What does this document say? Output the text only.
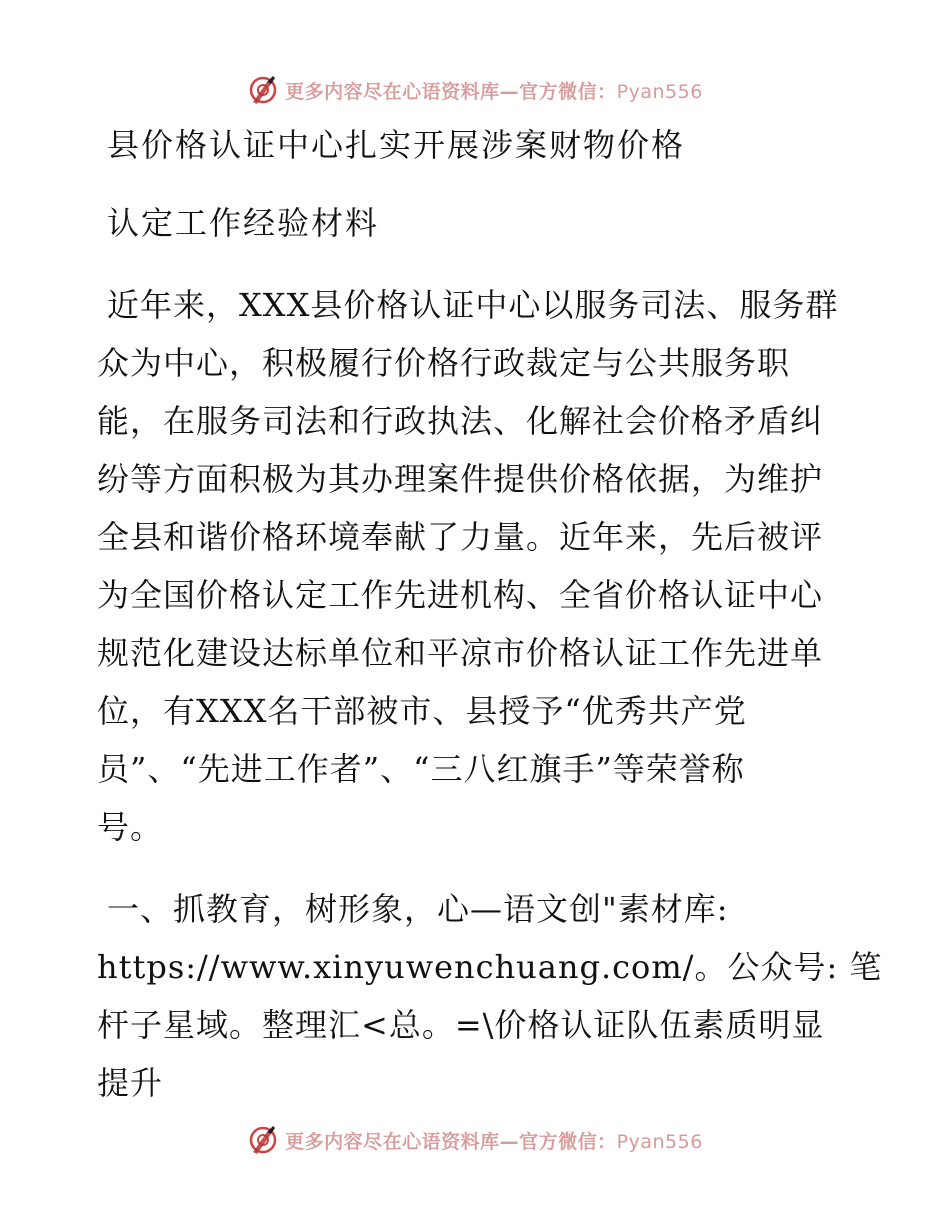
更多内容尽在心语资料库—官方微信：Pyan556
县价格认证中心扎实开展涉案财物价格
认定工作经验材料
近年来，XXX县价格认证中心以服务司法、服务群
众为中心，积极履行价格行政裁定与公共服务职
能，在服务司法和行政执法、化解社会价格矛盾纠
纷等方面积极为其办理案件提供价格依据，为维护
全县和谐价格环境奉献了力量。近年来，先后被评
为全国价格认定工作先进机构、全省价格认证中心
规范化建设达标单位和平凉市价格认证工作先进单
位，有XXX名干部被市、县授予“优秀共产党
员”、“先进工作者”、“三八红旗手”等荣誉称
号。
一、抓教育，树形象，心—语文创"素材库:
https://www.xinyuwenchuang.com/。公众号: 笔
杆子星域。整理汇<总。=\价格认证队伍素质明显
提升
更多内容尽在心语资料库—官方微信：Pyan556
